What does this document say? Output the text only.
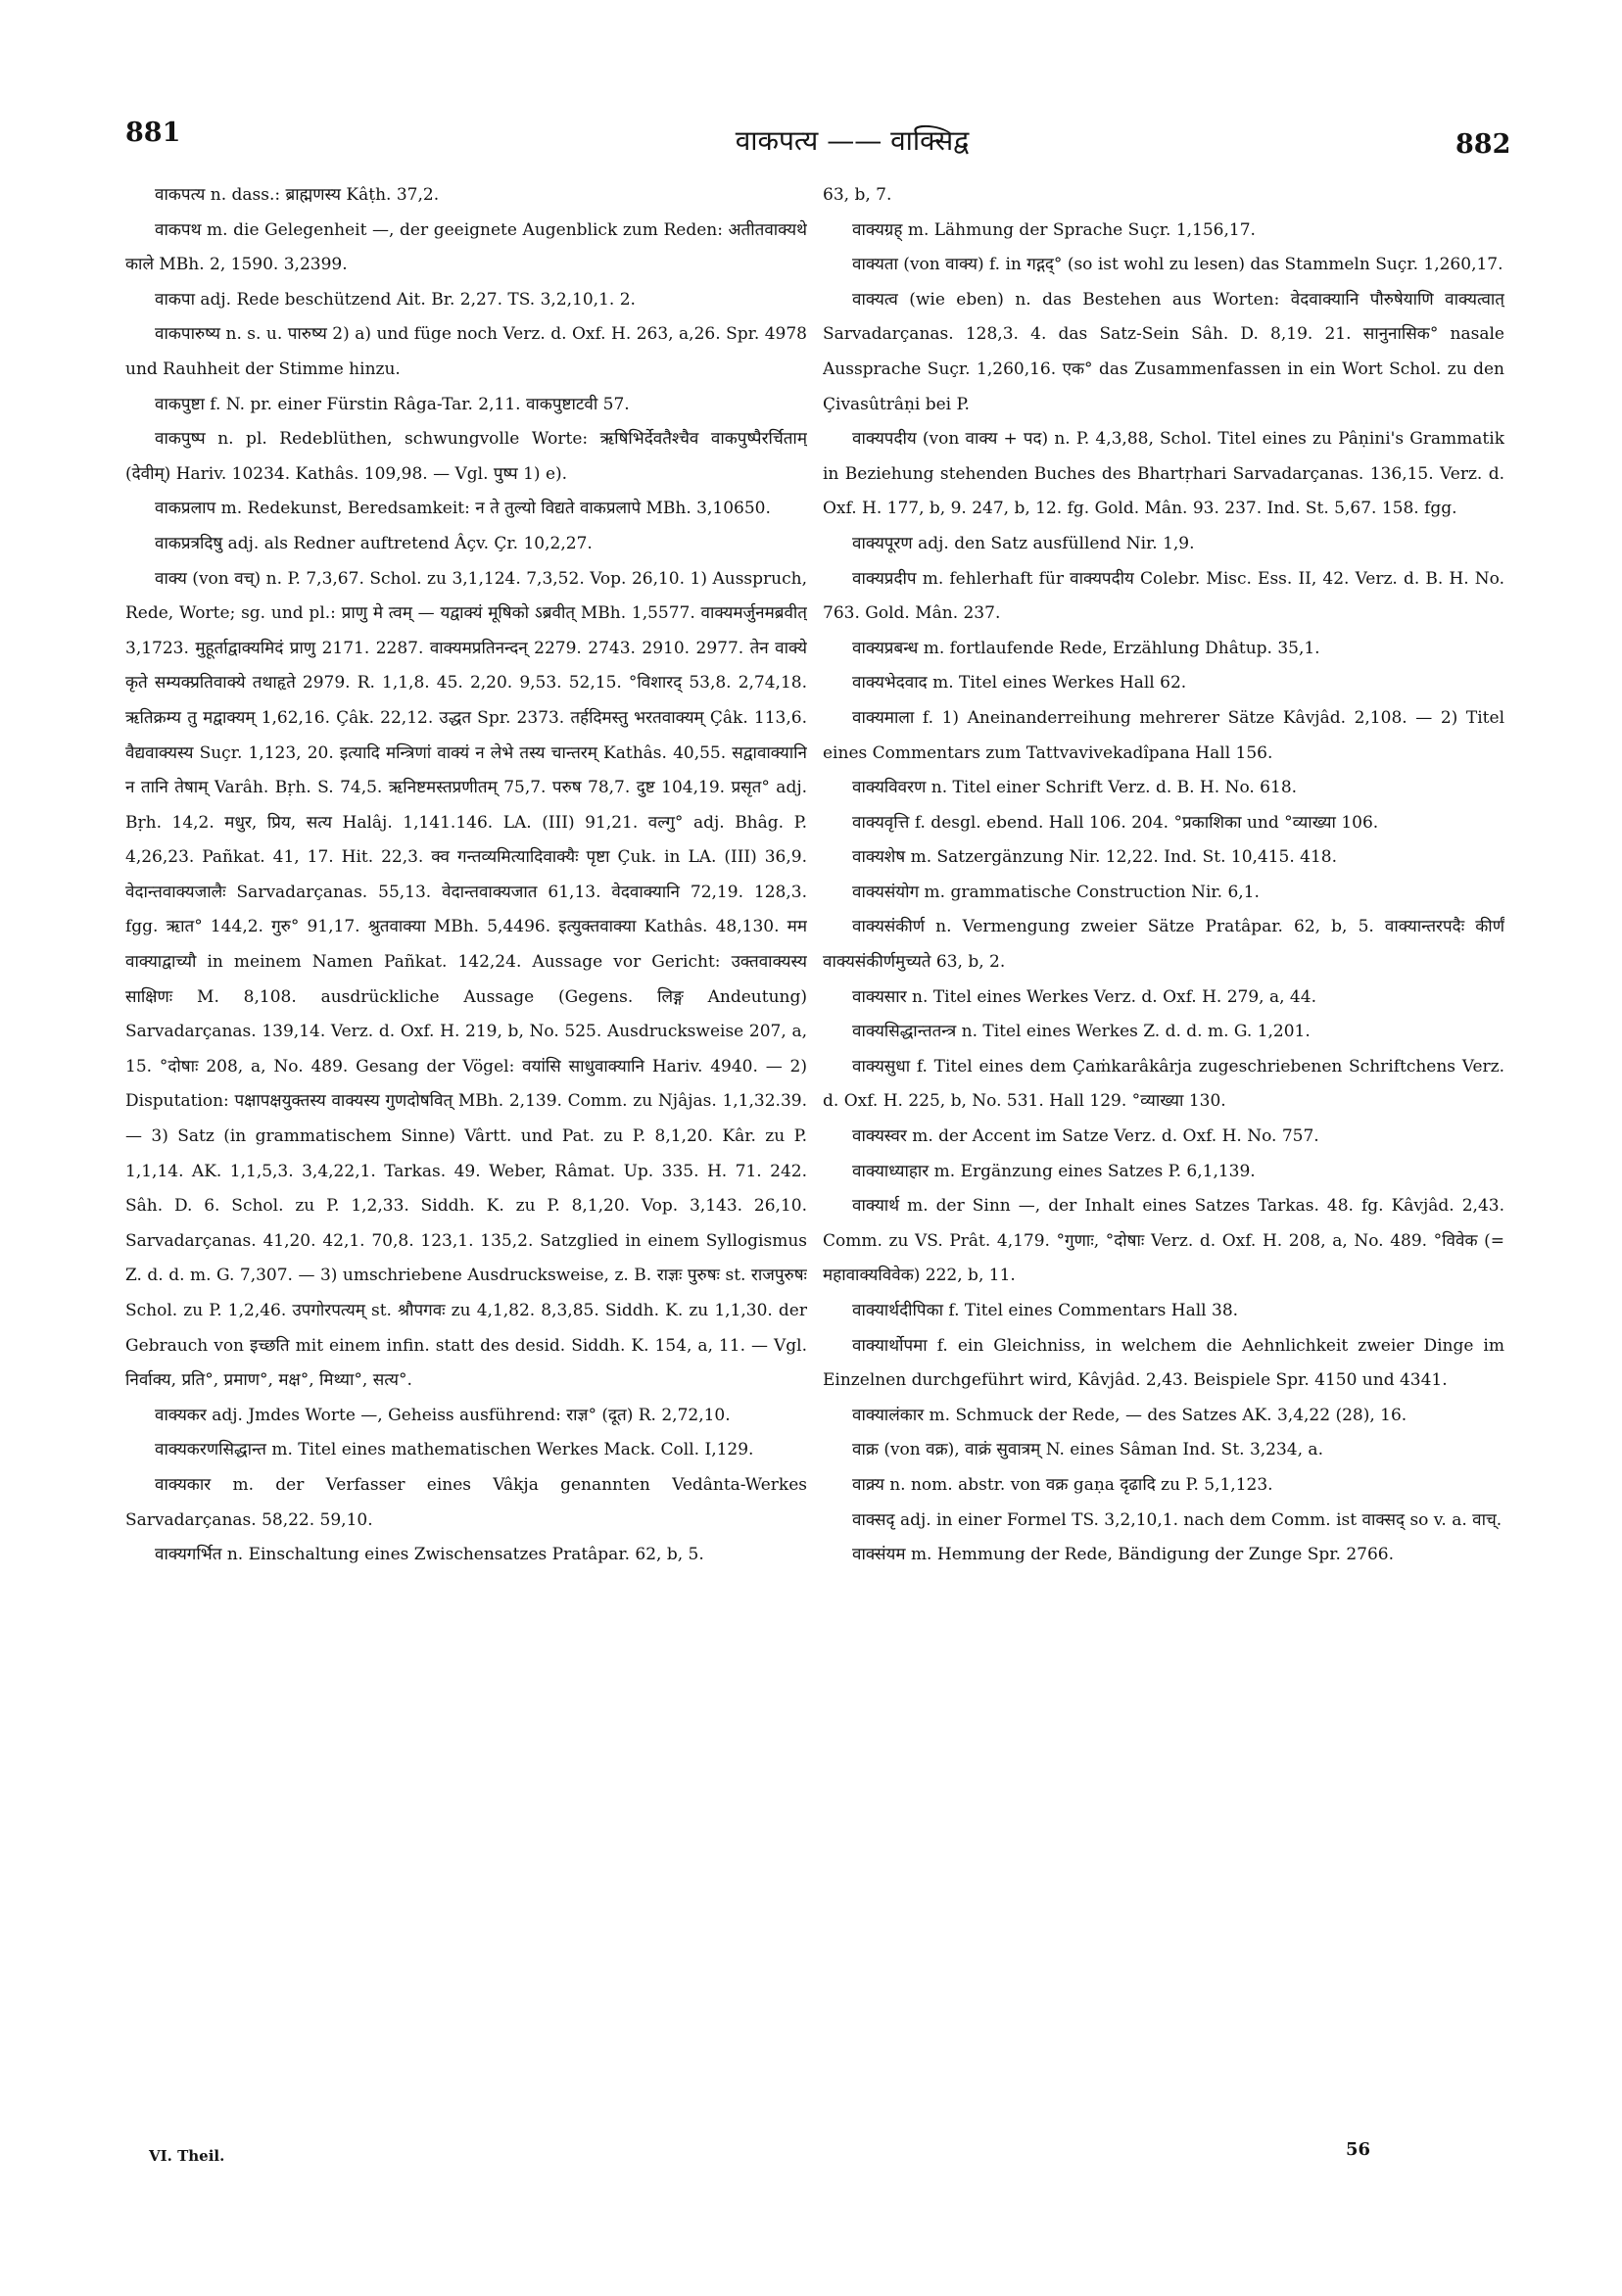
881	वाकपत्य —— वाक्सिद्व	882

वाकपत्य n. dass.: ब्राह्मणस्य Kâṭh. 37,2.

वाकपथ m. die Gelegenheit —, der geeignete Augenblick zum Reden: अतीतवाक्यथे काले MBh. 2, 1590. 3,2399.

वाकपा adj. Rede beschützend Ait. Br. 2,27. TS. 3,2,10,1. 2.

वाकपारुष्य n. s. u. पारुष्य 2) a) und füge noch Verz. d. Oxf. H. 263, a,26. Spr. 4978 und Rauhheit der Stimme hinzu.

वाकपुष्टा f. N. pr. einer Fürstin Râga-Tar. 2,11. वाकपुष्टाटवी 57.

वाकपुष्प n. pl. Redeblüthen, schwungvolle Worte: ऋषिभिर्देवतैश्चैव वाकपुष्पैरर्चिताम् (देवीम्) Hariv. 10234. Kathâs. 109,98. — Vgl. पुष्प 1) e).

वाकप्रलाप m. Redekunst, Beredsamkeit: न ते तुल्यो विद्यते वाकप्रलापे MBh. 3,10650.

वाकप्रत्रदिषु adj. als Redner auftretend Âçv. Çr. 10,2,27.

वाक्य (von वच्) n. P. 7,3,67. Schol. zu 3,1,124. 7,3,52. Vop. 26,10. 1) Ausspruch, Rede, Worte; sg. und pl.: प्राणु मे त्वम् — यद्वाक्यं मूषिको ऽब्रवीत् MBh. 1,5577. वाक्यमर्जुनमब्रवीत् 3,1723. मुहूर्ताद्वाक्यमिदं प्राणु 2171. 2287. वाक्यमप्रतिनन्दन् 2279. 2743. 2910. 2977. तेन वाक्ये कृते सम्यक्प्रतिवाक्ये तथाहृते 2979. R. 1,1,8. 45. 2,20. 9,53. 52,15. °विशारद् 53,8. 2,74,18. ऋतिक्रम्य तु मद्वाक्यम् 1,62,16. Çâk. 22,12. उद्धत Spr. 2373. तर्हदिमस्तु भरतवाक्यम् Çâk. 113,6. वैद्यवाक्यस्य Suçr. 1,123, 20. इत्यादि मन्त्रिणां वाक्यं न लेभे तस्य चान्तरम् Kathâs. 40,55. सद्वावाक्यानि न तानि तेषाम् Varâh. Bṛh. S. 74,5. ऋनिष्टमस्तप्रणीतम् 75,7. परुष 78,7. दुष्ट 104,19. प्रसृत° adj. Bṛh. 14,2. मधुर, प्रिय, सत्य Halâj. 1,141.146. LA. (III) 91,21. वल्गु° adj. Bhâg. P. 4,26,23. Pañkat. 41, 17. Hit. 22,3. क्व गन्तव्यमित्यादिवाक्यैः पृष्टा Çuk. in LA. (III) 36,9. वेदान्तवाक्यजालैः Sarvadarçanas. 55,13. वेदान्तवाक्यजात 61,13. वेदवाक्यानि 72,19. 128,3. fgg. ऋात° 144,2. गुरु° 91,17. श्रुतवाक्या MBh. 5,4496. इत्युक्तवाक्या Kathâs. 48,130. मम वाक्याद्वाच्यौ in meinem Namen Pañkat. 142,24. Aussage vor Gericht: उक्तवाक्यस्य साक्षिणः M. 8,108. ausdrückliche Aussage (Gegens. लिङ्ग Andeutung) Sarvadarçanas. 139,14. Verz. d. Oxf. H. 219, b, No. 525. Ausdrucksweise 207, a, 15. °दोषाः 208, a, No. 489. Gesang der Vögel: वयांसि साधुवाक्यानि Hariv. 4940. — 2) Disputation: पक्षापक्षयुक्तस्य वाक्यस्य गुणदोषवित् MBh. 2,139. Comm. zu Njâjas. 1,1,32.39. — 3) Satz (in grammatischem Sinne) Vârtt. und Pat. zu P. 8,1,20. Kâr. zu P. 1,1,14. AK. 1,1,5,3. 3,4,22,1. Tarkas. 49. Weber, Râmat. Up. 335. H. 71. 242. Sâh. D. 6. Schol. zu P. 1,2,33. Siddh. K. zu P. 8,1,20. Vop. 3,143. 26,10. Sarvadarçanas. 41,20. 42,1. 70,8. 123,1. 135,2. Satzglied in einem Syllogismus Z. d. d. m. G. 7,307. — 3) umschriebene Ausdrucksweise, z. B. राज्ञः पुरुषः st. राजपुरुषः Schol. zu P. 1,2,46. उपगोरपत्यम् st. श्रौपगवः zu 4,1,82. 8,3,85. Siddh. K. zu 1,1,30. der Gebrauch von इच्छति mit einem infin. statt des desid. Siddh. K. 154, a, 11. — Vgl. निर्वाक्य, प्रति°, प्रमाण°, मक्ष°, मिथ्या°, सत्य°.

वाक्यकर adj. Jmdes Worte —, Geheiss ausführend: राज्ञ° (दूत) R. 2,72,10.

वाक्यकरणसिद्धान्त m. Titel eines mathematischen Werkes Mack. Coll. I,129.

वाक्यकार m. der Verfasser eines Vâkja genannten Vedânta-Werkes Sarvadarçanas. 58,22. 59,10.

वाक्यगर्भित n. Einschaltung eines Zwischensatzes Pratâpar. 62, b, 5.

63, b, 7.

वाक्यग्रह् m. Lähmung der Sprache Suçr. 1,156,17.

वाक्यता (von वाक्य) f. in गद्गद्° (so ist wohl zu lesen) das Stammeln Suçr. 1,260,17.

वाक्यत्व (wie eben) n. das Bestehen aus Worten: वेदवाक्यानि पौरुषेयाणि वाक्यत्वात् Sarvadarçanas. 128,3. 4. das Satz-Sein Sâh. D. 8,19. 21. सानुनासिक° nasale Aussprache Suçr. 1,260,16. एक° das Zusammenfassen in ein Wort Schol. zu den Çivasûtrâṇi bei P.

वाक्यपदीय (von वाक्य + पद) n. P. 4,3,88, Schol. Titel eines zu Pâṇini's Grammatik in Beziehung stehenden Buches des Bhartṛhari Sarvadarçanas. 136,15. Verz. d. Oxf. H. 177, b, 9. 247, b, 12. fg. Gold. Mân. 93. 237. Ind. St. 5,67. 158. fgg.

वाक्यपूरण adj. den Satz ausfüllend Nir. 1,9.

वाक्यप्रदीप m. fehlerhaft für वाक्यपदीय Colebr. Misc. Ess. II, 42. Verz. d. B. H. No. 763. Gold. Mân. 237.

वाक्यप्रबन्ध m. fortlaufende Rede, Erzählung Dhâtup. 35,1.

वाक्यभेदवाद m. Titel eines Werkes Hall 62.

वाक्यमाला f. 1) Aneinanderreihung mehrerer Sätze Kâvjâd. 2,108. — 2) Titel eines Commentars zum Tattvavivekadîpana Hall 156.

वाक्यविवरण n. Titel einer Schrift Verz. d. B. H. No. 618.

वाक्यवृत्ति f. desgl. ebend. Hall 106. 204. °प्रकाशिका und °व्याख्या 106.

वाक्यशेष m. Satzergänzung Nir. 12,22. Ind. St. 10,415. 418.

वाक्यसंयोग m. grammatische Construction Nir. 6,1.

वाक्यसंकीर्ण n. Vermengung zweier Sätze Pratâpar. 62, b, 5. वाक्यान्तरपदैः कीर्णं वाक्यसंकीर्णमुच्यते 63, b, 2.

वाक्यसार n. Titel eines Werkes Verz. d. Oxf. H. 279, a, 44.

वाक्यसिद्धान्ततन्त्र n. Titel eines Werkes Z. d. d. m. G. 1,201.

वाक्यसुधा f. Titel eines dem Çaṁkarâkârja zugeschriebenen Schriftchens Verz. d. Oxf. H. 225, b, No. 531. Hall 129. °व्याख्या 130.

वाक्यस्वर m. der Accent im Satze Verz. d. Oxf. H. No. 757.

वाक्याध्याहार m. Ergänzung eines Satzes P. 6,1,139.

वाक्यार्थ m. der Sinn —, der Inhalt eines Satzes Tarkas. 48. fg. Kâvjâd. 2,43. Comm. zu VS. Prât. 4,179. °गुणाः, °दोषाः Verz. d. Oxf. H. 208, a, No. 489. °विवेक (= महावाक्यविवेक) 222, b, 11.

वाक्यार्थदीपिका f. Titel eines Commentars Hall 38.

वाक्यार्थोपमा f. ein Gleichniss, in welchem die Aehnlichkeit zweier Dinge im Einzelnen durchgeführt wird, Kâvjâd. 2,43. Beispiele Spr. 4150 und 4341.

वाक्यालंकार m. Schmuck der Rede, — des Satzes AK. 3,4,22 (28), 16.

वाक्र (von वक्र), वाक्रं सुवात्रम् N. eines Sâman Ind. St. 3,234, a.

वाक्र्य n. nom. abstr. von वक्र gaṇa दृढादि zu P. 5,1,123.

वाक्सदृ adj. in einer Formel TS. 3,2,10,1. nach dem Comm. ist वाक्सद् so v. a. वाच्.

वाक्संयम m. Hemmung der Rede, Bändigung der Zunge Spr. 2766.

VI. Theil.	56
